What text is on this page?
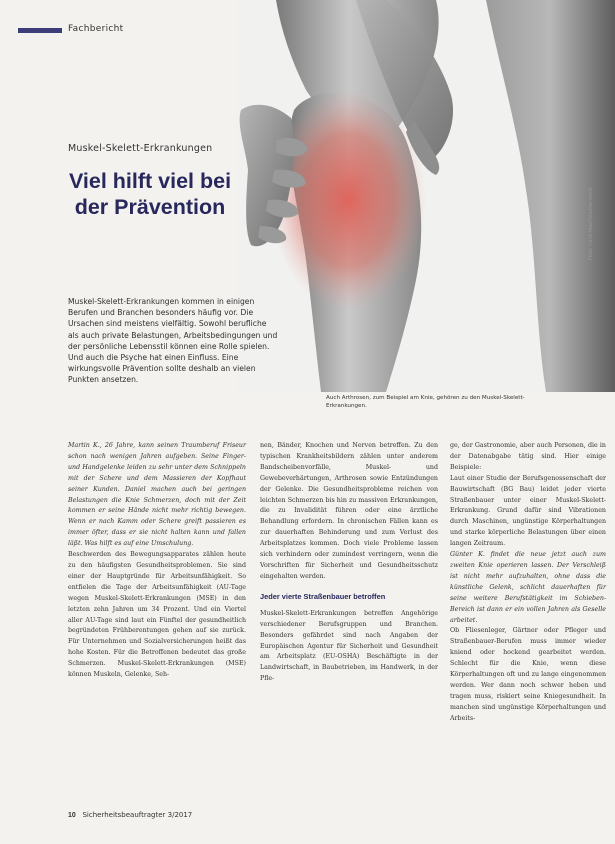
Fachbericht
Foto: Cord Hopf/Shutterstock
Muskel-Skelett-Erkrankungen
Viel hilft viel bei der Prävention

Muskel-Skelett-Erkrankungen kommen in einigen Berufen und Branchen besonders häufig vor. Die Ursachen sind meistens vielfältig. Sowohl berufliche als auch private Belastungen, Arbeitsbedingungen und der persönliche Lebensstil können eine Rolle spielen. Und auch die Psyche hat einen Einfluss. Eine wirkungsvolle Prävention sollte deshalb an vielen Punkten ansetzen.

Auch Arthrosen, zum Beispiel am Knie, gehören zu den Muskel-Skelett-Erkrankungen.

Martin K., 26 Jahre, kann seinen Traumberuf Friseur schon nach wenigen Jahren aufgeben. Seine Finger- und Handgelenke leiden zu sehr unter dem Schnippeln mit der Schere und dem Massieren der Kopfhaut seiner Kunden. Daniel machen auch bei geringen Belastungen die Knie Schmerzen, doch mit der Zeit kommen er seine Hände nicht mehr richtig bewegen. Wenn er nach Kamm oder Schere greift passieren es immer öfter, dass er sie nicht halten kann und fallen läßt. Was hilft es auf eine Umschulung.

Beschwerden des Bewegungsapparates zählen heute zu den häufigsten Gesundheitsproblemen. Sie sind einer der Hauptgründe für Arbeitsunfähigkeit. So entfielen die Tage der Arbeitsunfähigkeit (AU-Tage wegen Muskel-Skelett-Erkrankungen (MSE) in den letzten zehn Jahren um 34 Prozent. Und ein Viertel aller AU-Tage sind laut ein Fünftel der gesundheitlich begründeten Frühberentungen gehen auf sie zurück. Für Unternehmen und Sozialversicherungen heißt das hohe Kosten. Für die Betroffenen bedeutet das große Schmerzen. Muskel-Skelett-Erkrankungen (MSE) können Muskeln, Gelenke, Seh-

nen, Bänder, Knochen und Nerven betreffen. Zu den typischen Krankheitsbildern zählen unter anderem Bandscheibenvorfälle, Muskel- und Gewebeverhärtungen, Arthrosen sowie Entzündungen der Gelenke. Die Gesundheitsprobleme reichen von leichten Schmerzen bis hin zu massiven Erkrankungen, die zu Invalidität führen oder eine ärztliche Behandlung erfordern. In chronischen Fällen kann es zur dauerhaften Behinderung und zum Verlust des Arbeitsplatzes kommen. Doch viele Probleme lassen sich verhindern oder zumindest verringern, wenn die Vorschriften für Sicherheit und Gesundheitsschutz eingehalten werden.

Jeder vierte Straßenbauer betroffen

Muskel-Skelett-Erkrankungen betreffen Angehörige verschiedener Berufsgruppen und Branchen. Besonders gefährdet sind nach Angaben der Europäischen Agentur für Sicherheit und Gesundheit am Arbeitsplatz (EU-OSHA) Beschäftigte in der Landwirtschaft, in Baubetrieben, im Handwerk, in der Pfle-

ge, der Gastronomie, aber auch Personen, die in der Datenabgabe tätig sind. Hier einige Beispiele:

Laut einer Studie der Berufsgenossenschaft der Bauwirtschaft (BG Bau) leidet jeder vierte Straßenbauer unter einer Muskel-Skelett-Erkrankung. Grund dafür sind Vibrationen durch Maschinen, ungünstige Körperhaltungen und starke körperliche Belastungen über einen langen Zeitraum.

Günter K. findet die neue jetzt auch zum zweiten Knie operieren lassen. Der Verschleiß ist nicht mehr aufzuhalten, ohne dass die künstliche Gelenk, schlicht dauerhaften für seine weitere Berufstätigkeit im Schieben-Bereich ist dann er ein vollen Jahren als Geselle arbeitet.

Ob Fliesenleger, Gärtner oder Pfleger und Straßenbauer-Berufen muss immer wieder kniend oder hockend gearbeitet werden. Schlecht für die Knie, wenn diese Körperhaltungen oft und zu lange eingenommen werden. Wer dann noch schwer heben und tragen muss, riskiert seine Kniegesundheit. In manchen sind ungünstige Körperhaltungen und Arbeits-

10 Sicherheitsbeauftragter 3/2017
